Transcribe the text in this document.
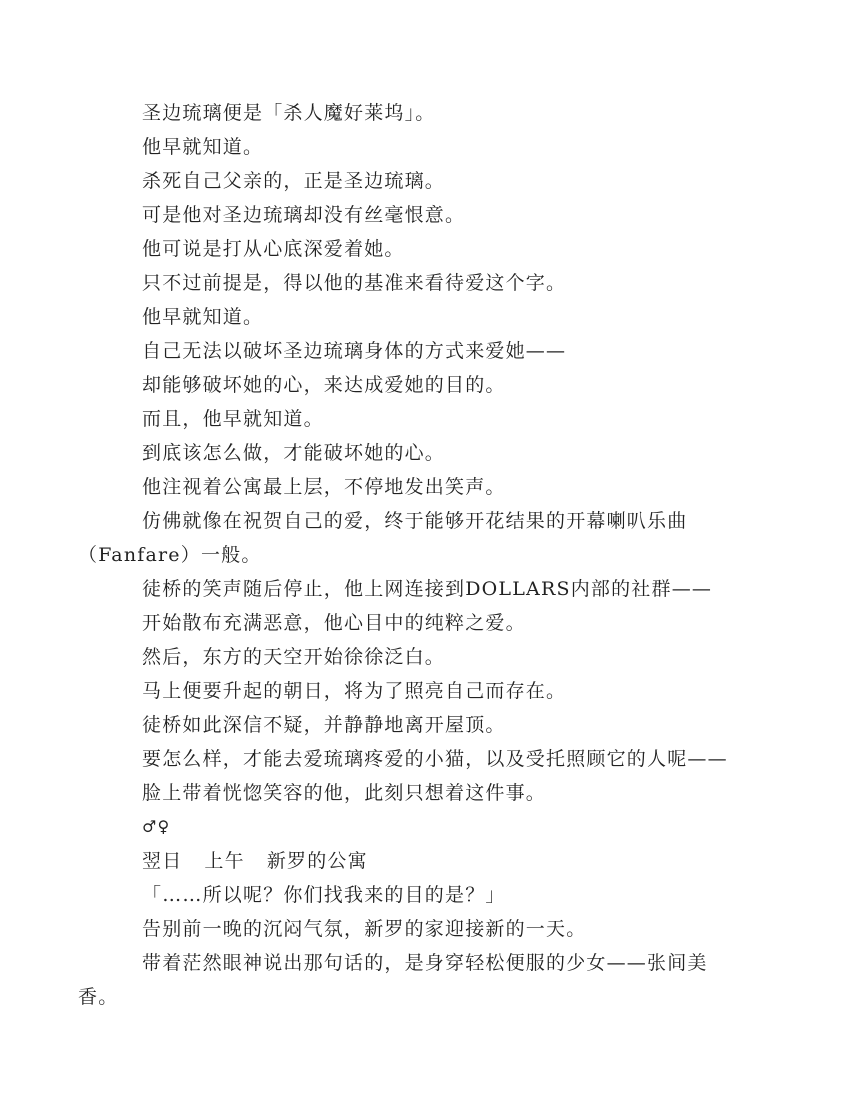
圣边琉璃便是「杀人魔好莱坞」。

他早就知道。

杀死自己父亲的，正是圣边琉璃。

可是他对圣边琉璃却没有丝毫恨意。

他可说是打从心底深爱着她。

只不过前提是，得以他的基准来看待爱这个字。

他早就知道。

自己无法以破坏圣边琉璃身体的方式来爱她——

却能够破坏她的心，来达成爱她的目的。

而且，他早就知道。

到底该怎么做，才能破坏她的心。

他注视着公寓最上层，不停地发出笑声。

仿佛就像在祝贺自己的爱，终于能够开花结果的开幕喇叭乐曲
（Fanfare）一般。

徒桥的笑声随后停止，他上网连接到DOLLARS内部的社群——

开始散布充满恶意，他心目中的纯粹之爱。

然后，东方的天空开始徐徐泛白。

马上便要升起的朝日，将为了照亮自己而存在。

徒桥如此深信不疑，并静静地离开屋顶。

要怎么样，才能去爱琉璃疼爱的小猫，以及受托照顾它的人呢——

脸上带着恍惚笑容的他，此刻只想着这件事。

♂♀

翌日 上午 新罗的公寓

「……所以呢？你们找我来的目的是？」

告别前一晚的沉闷气氛，新罗的家迎接新的一天。

带着茫然眼神说出那句话的，是身穿轻松便服的少女——张间美
香。
